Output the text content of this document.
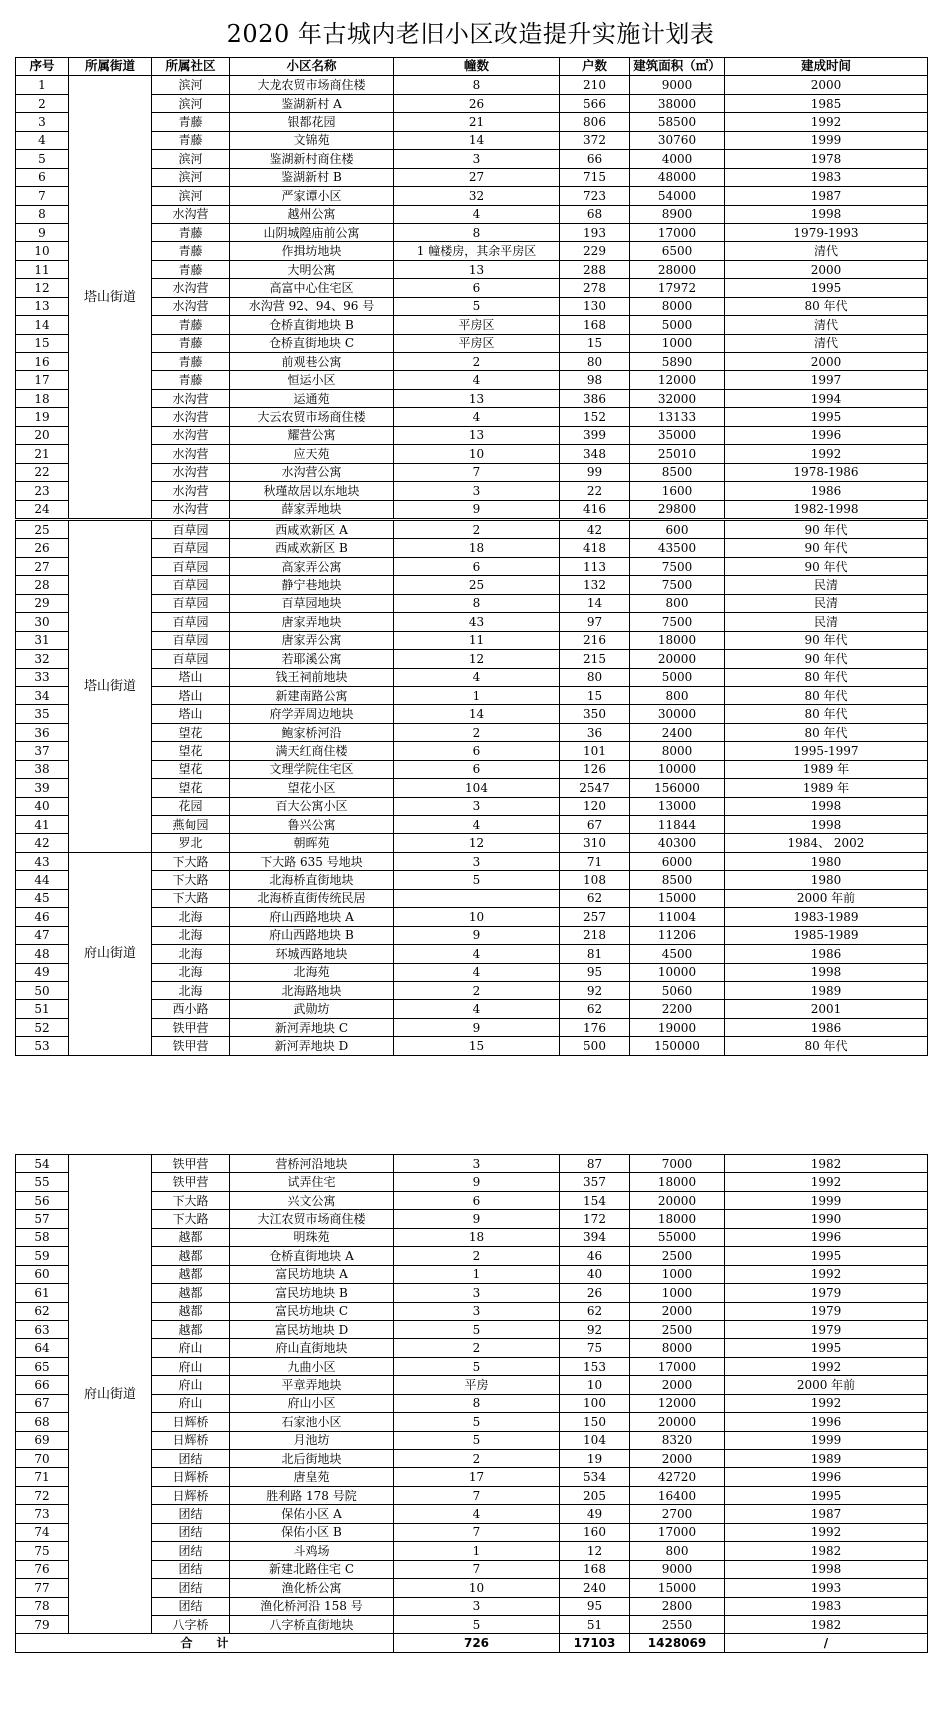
2020 年古城内老旧小区改造提升实施计划表
序号	所属街道	所属社区	小区名称	幢数	户数	建筑面积（㎡）	建成时间
1	塔山街道	滨河	大龙农贸市场商住楼	8	210	9000	2000
2		滨河	鉴湖新村 A	26	566	38000	1985
3		青藤	银都花园	21	806	58500	1992
4		青藤	文锦苑	14	372	30760	1999
5		滨河	鉴湖新村商住楼	3	66	4000	1978
6		滨河	鉴湖新村 B	27	715	48000	1983
7		滨河	严家谭小区	32	723	54000	1987
8		水沟营	越州公寓	4	68	8900	1998
9		青藤	山阴城隍庙前公寓	8	193	17000	1979-1993
10		青藤	作揖坊地块	1 幢楼房，其余平房区	229	6500	清代
11		青藤	大明公寓	13	288	28000	2000
12		水沟营	高富中心住宅区	6	278	17972	1995
13		水沟营	水沟营 92、94、96 号	5	130	8000	80 年代
14		青藤	仓桥直街地块 B	平房区	168	5000	清代
15		青藤	仓桥直街地块 C	平房区	15	1000	清代
16		青藤	前观巷公寓	2	80	5890	2000
17		青藤	恒运小区	4	98	12000	1997
18		水沟营	运通苑	13	386	32000	1994
19		水沟营	大云农贸市场商住楼	4	152	13133	1995
20		水沟营	耀营公寓	13	399	35000	1996
21		水沟营	应天苑	10	348	25010	1992
22		水沟营	水沟营公寓	7	99	8500	1978-1986
23		水沟营	秋瑾故居以东地块	3	22	1600	1986
24		水沟营	薛家弄地块	9	416	29800	1982-1998
25	塔山街道	百草园	西咸欢新区 A	2	42	600	90 年代
26		百草园	西咸欢新区 B	18	418	43500	90 年代
27		百草园	高家弄公寓	6	113	7500	90 年代
28		百草园	静宁巷地块	25	132	7500	民清
29		百草园	百草园地块	8	14	800	民清
30		百草园	唐家弄地块	43	97	7500	民清
31		百草园	唐家弄公寓	11	216	18000	90 年代
32		百草园	若耶溪公寓	12	215	20000	90 年代
33		塔山	钱王祠前地块	4	80	5000	80 年代
34		塔山	新建南路公寓	1	15	800	80 年代
35		塔山	府学弄周边地块	14	350	30000	80 年代
36		望花	鲍家桥河沿	2	36	2400	80 年代
37		望花	满天红商住楼	6	101	8000	1995-1997
38		望花	文理学院住宅区	6	126	10000	1989 年
39		望花	望花小区	104	2547	156000	1989 年
40		花园	百大公寓小区	3	120	13000	1998
41		燕甸园	鲁兴公寓	4	67	11844	1998
42		罗北	朝晖苑	12	310	40300	1984、 2002
43	府山街道	下大路	下大路 635 号地块	3	71	6000	1980
44		下大路	北海桥直街地块	5	108	8500	1980
45		下大路	北海桥直街传统民居		62	15000	2000 年前
46		北海	府山西路地块 A	10	257	11004	1983-1989
47		北海	府山西路地块 B	9	218	11206	1985-1989
48		北海	环城西路地块	4	81	4500	1986
49		北海	北海苑	4	95	10000	1998
50		北海	北海路地块	2	92	5060	1989
51		西小路	武勋坊	4	62	2200	2001
52		铁甲营	新河弄地块 C	9	176	19000	1986
53		铁甲营	新河弄地块 D	15	500	150000	80 年代
54	府山街道	铁甲营	营桥河沿地块	3	87	7000	1982
55		铁甲营	试弄住宅	9	357	18000	1992
56		下大路	兴文公寓	6	154	20000	1999
57		下大路	大江农贸市场商住楼	9	172	18000	1990
58		越都	明珠苑	18	394	55000	1996
59		越都	仓桥直街地块 A	2	46	2500	1995
60		越都	富民坊地块 A	1	40	1000	1992
61		越都	富民坊地块 B	3	26	1000	1979
62		越都	富民坊地块 C	3	62	2000	1979
63		越都	富民坊地块 D	5	92	2500	1979
64		府山	府山直街地块	2	75	8000	1995
65		府山	九曲小区	5	153	17000	1992
66		府山	平章弄地块	平房	10	2000	2000 年前
67		府山	府山小区	8	100	12000	1992
68		日辉桥	石家池小区	5	150	20000	1996
69		日辉桥	月池坊	5	104	8320	1999
70		团结	北后街地块	2	19	2000	1989
71		日辉桥	唐皇苑	17	534	42720	1996
72		日辉桥	胜利路 178 号院	7	205	16400	1995
73		团结	保佑小区 A	4	49	2700	1987
74		团结	保佑小区 B	7	160	17000	1992
75		团结	斗鸡场	1	12	800	1982
76		团结	新建北路住宅 C	7	168	9000	1998
77		团结	渔化桥公寓	10	240	15000	1993
78		团结	渔化桥河沿 158 号	3	95	2800	1983
79		八字桥	八字桥直街地块	5	51	2550	1982
合　　计				726	17103	1428069	/
